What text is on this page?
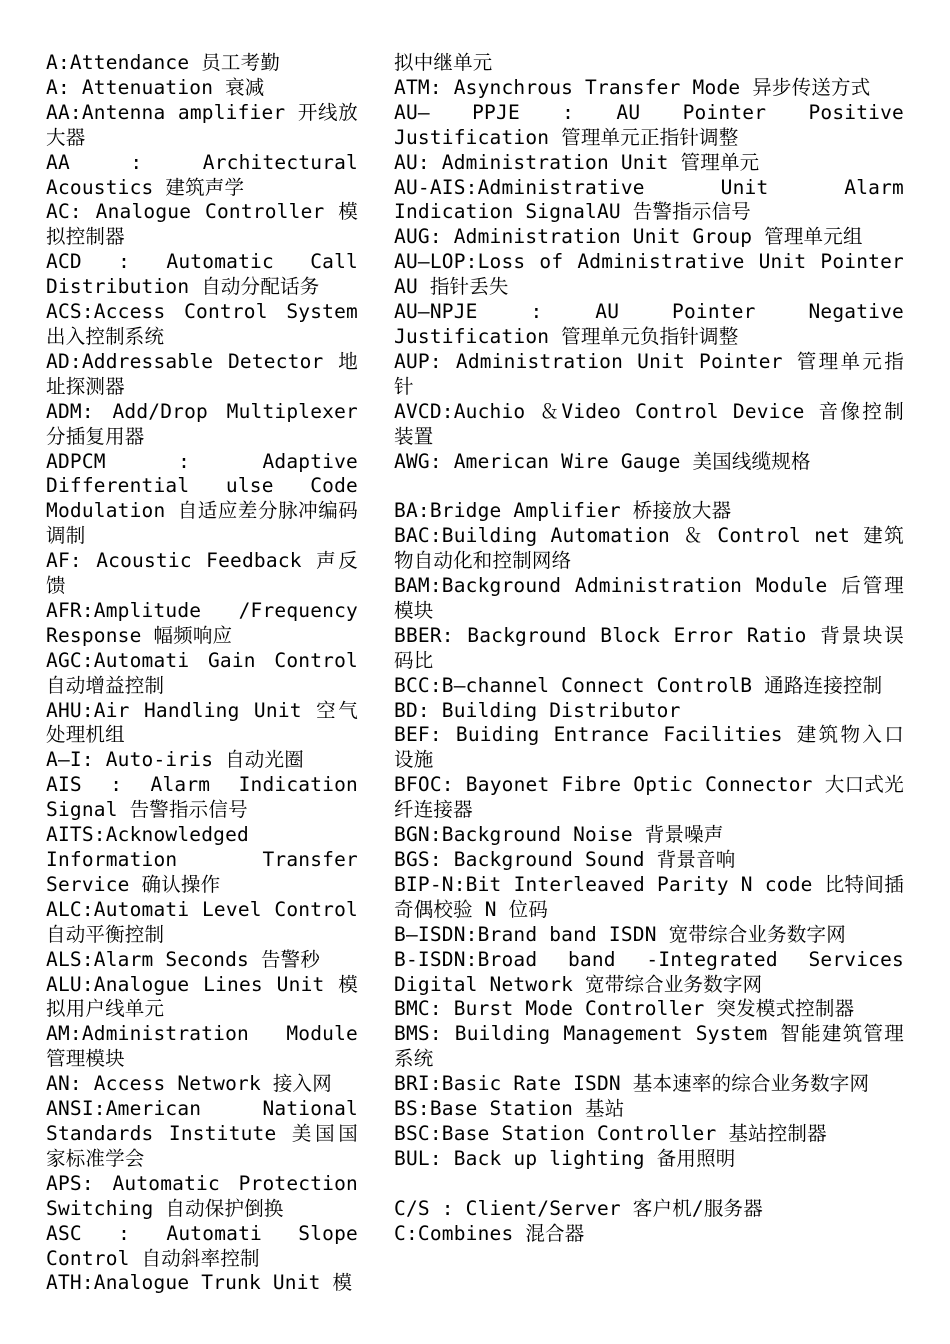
A:Attendance 员工考勤
A: Attenuation 衰减
AA:Antenna amplifier 开线放大器
AA : Architectural Acoustics 建筑声学
AC: Analogue Controller 模拟控制器
ACD : Automatic Call Distribution 自动分配话务
ACS:Access Control System 出入控制系统
AD:Addressable Detector 地址探测器
ADM: Add/Drop Multiplexer 分插复用器
ADPCM : Adaptive Differential ulse Code Modulation 自适应差分脉冲编码调制
AF: Acoustic Feedback 声反馈
AFR:Amplitude /Frequency Response 幅频响应
AGC:Automati Gain Control 自动增益控制
AHU:Air Handling Unit 空气处理机组
A—I: Auto-iris 自动光圈
AIS : Alarm Indication Signal 告警指示信号
AITS:Acknowledged Information Transfer Service 确认操作
ALC:Automati Level Control 自动平衡控制
ALS:Alarm Seconds 告警秒
ALU:Analogue Lines Unit 模拟用户线单元
AM:Administration Module 管理模块
AN: Access Network 接入网
ANSI:American National Standards Institute 美国国家标准学会
APS: Automatic Protection Switching 自动保护倒换
ASC : Automati Slope Control 自动斜率控制
ATH:Analogue Trunk Unit 模
拟中继单元
ATM: Asynchrous Transfer Mode 异步传送方式
AU— PPJE : AU Pointer Positive Justification 管理单元正指针调整
AU: Administration Unit 管理单元
AU-AIS:Administrative Unit Alarm Indication SignalAU 告警指示信号
AUG: Administration Unit Group 管理单元组
AU—LOP:Loss of Administrative Unit Pointer AU 指针丢失
AU—NPJE : AU Pointer Negative Justification 管理单元负指针调整
AUP: Administration Unit Pointer 管理单元指针
AVCD:Auchio ＆Video Control Device 音像控制装置
AWG: American Wire Gauge 美国线缆规格
BA:Bridge Amplifier 桥接放大器
BAC:Building Automation ＆ Control net 建筑物自动化和控制网络
BAM:Background Administration Module 后管理模块
BBER: Background Block Error Ratio 背景块误码比
BCC:B—channel Connect ControlB 通路连接控制
BD: Building Distributor
BEF: Buiding Entrance Facilities 建筑物入口设施
BFOC: Bayonet Fibre Optic Connector 大口式光纤连接器
BGN:Background Noise 背景噪声
BGS: Background Sound 背景音响
BIP-N:Bit Interleaved Parity N code 比特间插奇偶校验 N 位码
B—ISDN:Brand band ISDN 宽带综合业务数字网
B-ISDN:Broad band -Integrated Services Digital Network 宽带综合业务数字网
BMC: Burst Mode Controller 突发模式控制器
BMS: Building Management System 智能建筑管理系统
BRI:Basic Rate ISDN 基本速率的综合业务数字网
BS:Base Station 基站
BSC:Base Station Controller 基站控制器
BUL: Back up lighting 备用照明
C/S : Client/Server 客户机/服务器
C:Combines 混合器
